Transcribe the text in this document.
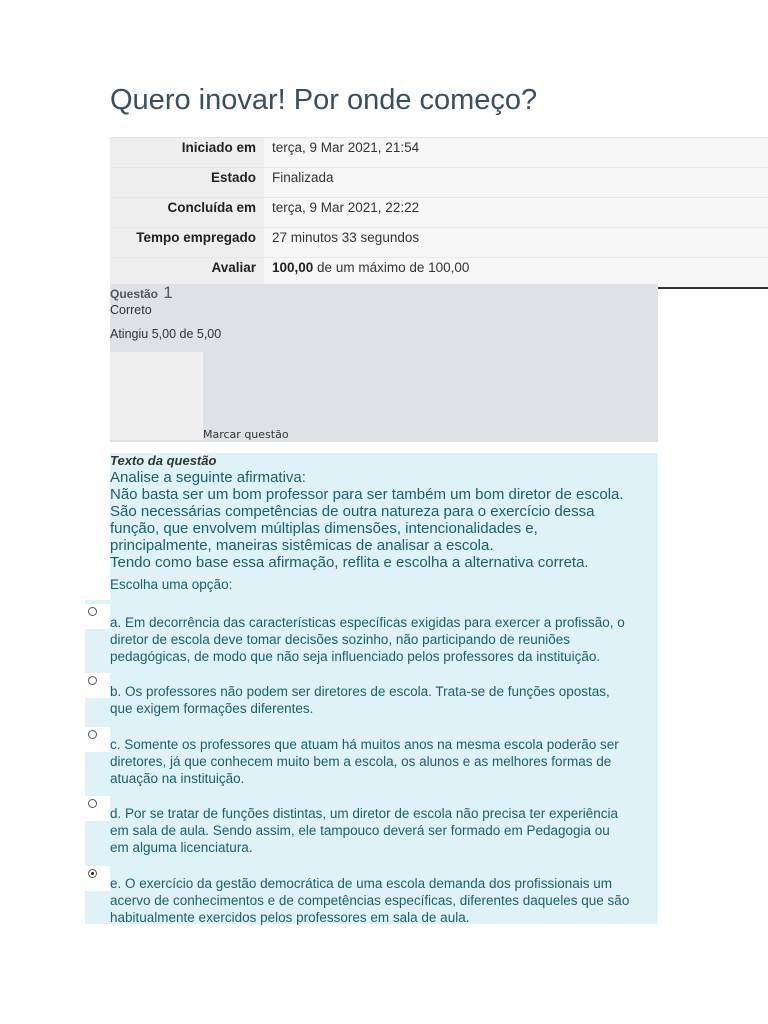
Quero inovar! Por onde começo?
Iniciado em	terça, 9 Mar 2021, 21:54
Estado	Finalizada
Concluída em	terça, 9 Mar 2021, 22:22
Tempo empregado	27 minutos 33 segundos
Avaliar	100,00 de um máximo de 100,00
Questão 1
Correto
Atingiu 5,00 de 5,00
Marcar questão
Texto da questão
Analise a seguinte afirmativa:
Não basta ser um bom professor para ser também um bom diretor de escola.
São necessárias competências de outra natureza para o exercício dessa
função, que envolvem múltiplas dimensões, intencionalidades e,
principalmente, maneiras sistêmicas de analisar a escola.
Tendo como base essa afirmação, reflita e escolha a alternativa correta.
Escolha uma opção:
a. Em decorrência das características específicas exigidas para exercer a profissão, o
diretor de escola deve tomar decisões sozinho, não participando de reuniões
pedagógicas, de modo que não seja influenciado pelos professores da instituição.
b. Os professores não podem ser diretores de escola. Trata-se de funções opostas,
que exigem formações diferentes.
c. Somente os professores que atuam há muitos anos na mesma escola poderão ser
diretores, já que conhecem muito bem a escola, os alunos e as melhores formas de
atuação na instituição.
d. Por se tratar de funções distintas, um diretor de escola não precisa ter experiência
em sala de aula. Sendo assim, ele tampouco deverá ser formado em Pedagogia ou
em alguma licenciatura.
e. O exercício da gestão democrática de uma escola demanda dos profissionais um
acervo de conhecimentos e de competências específicas, diferentes daqueles que são
habitualmente exercidos pelos professores em sala de aula.
